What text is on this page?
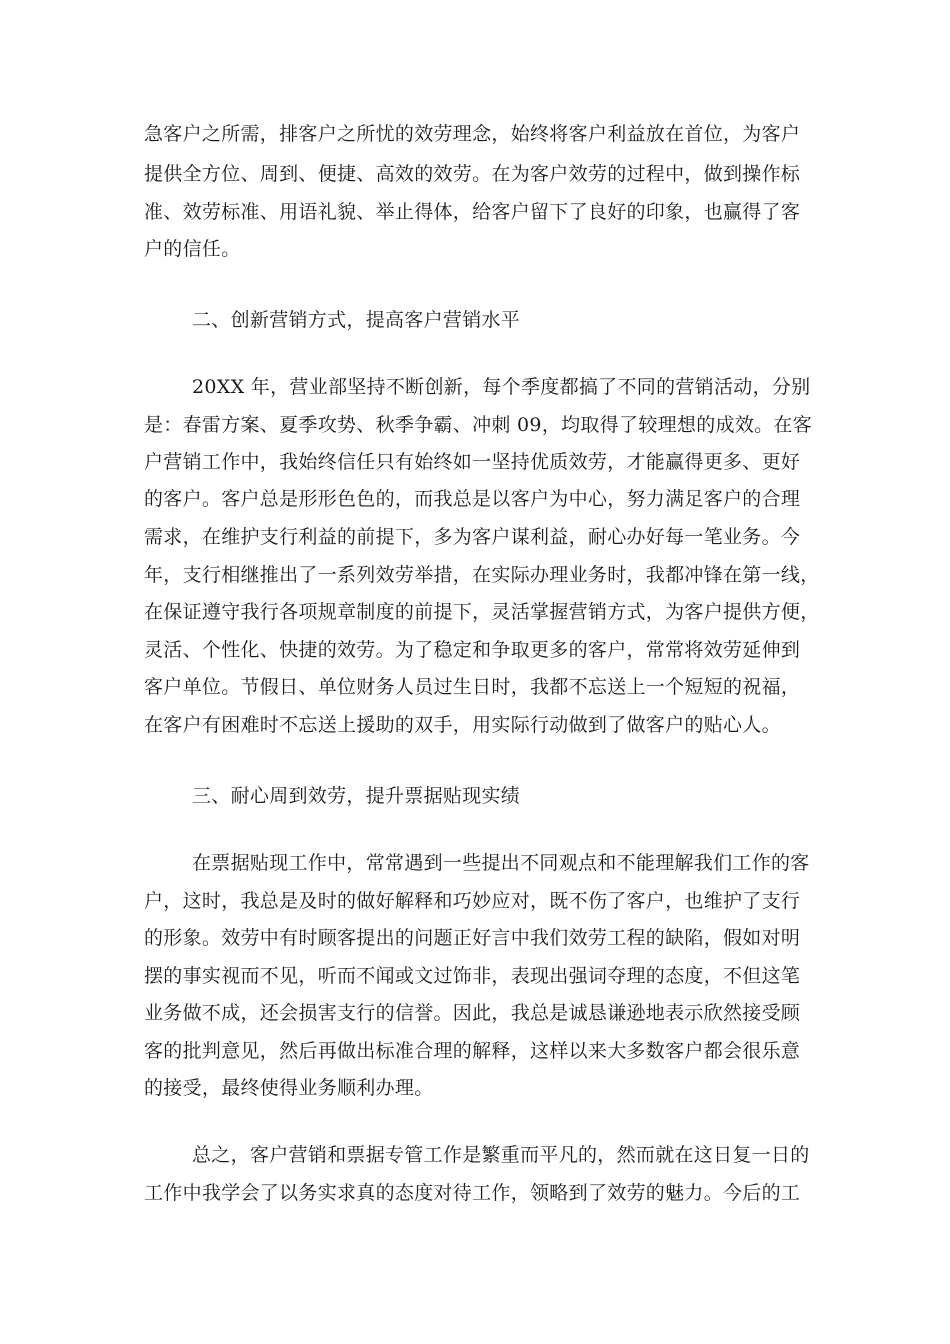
急客户之所需，排客户之所忧的效劳理念，始终将客户利益放在首位，为客户
提供全方位、周到、便捷、高效的效劳。在为客户效劳的过程中，做到操作标
准、效劳标准、用语礼貌、举止得体，给客户留下了良好的印象，也赢得了客
户的信任。
二、创新营销方式，提高客户营销水平
20XX 年，营业部坚持不断创新，每个季度都搞了不同的营销活动，分别
是：春雷方案、夏季攻势、秋季争霸、冲刺 09，均取得了较理想的成效。在客
户营销工作中，我始终信任只有始终如一坚持优质效劳，才能赢得更多、更好
的客户。客户总是形形色色的，而我总是以客户为中心，努力满足客户的合理
需求，在维护支行利益的前提下，多为客户谋利益，耐心办好每一笔业务。今
年，支行相继推出了一系列效劳举措，在实际办理业务时，我都冲锋在第一线，
在保证遵守我行各项规章制度的前提下，灵活掌握营销方式，为客户提供方便，
灵活、个性化、快捷的效劳。为了稳定和争取更多的客户，常常将效劳延伸到
客户单位。节假日、单位财务人员过生日时，我都不忘送上一个短短的祝福，
在客户有困难时不忘送上援助的双手，用实际行动做到了做客户的贴心人。
三、耐心周到效劳，提升票据贴现实绩
在票据贴现工作中，常常遇到一些提出不同观点和不能理解我们工作的客
户，这时，我总是及时的做好解释和巧妙应对，既不伤了客户，也维护了支行
的形象。效劳中有时顾客提出的问题正好言中我们效劳工程的缺陷，假如对明
摆的事实视而不见，听而不闻或文过饰非，表现出强词夺理的态度，不但这笔
业务做不成，还会损害支行的信誉。因此，我总是诚恳谦逊地表示欣然接受顾
客的批判意见，然后再做出标准合理的解释，这样以来大多数客户都会很乐意
的接受，最终使得业务顺利办理。
总之，客户营销和票据专管工作是繁重而平凡的，然而就在这日复一日的
工作中我学会了以务实求真的态度对待工作，领略到了效劳的魅力。今后的工
